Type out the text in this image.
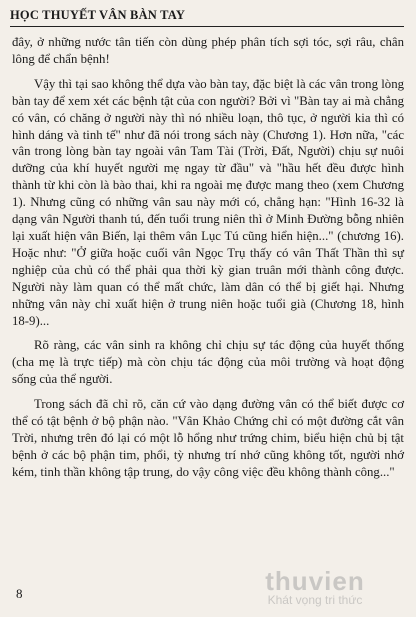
HỌC THUYẾT VÂN BÀN TAY

đây, ở những nước tân tiến còn dùng phép phân tích sợi tóc, sợi râu, chân lông để chẩn bệnh!

Vậy thì tại sao không thể dựa vào bàn tay, đặc biệt là các vân trong lòng bàn tay để xem xét các bệnh tật của con người? Bởi vì "Bàn tay ai mà chẳng có vân, có chăng ở người này thì nó nhiều loạn, thô tục, ở người kia thì có hình dáng và tinh tế" như đã nói trong sách này (Chương 1). Hơn nữa, "các vân trong lòng bàn tay ngoài vân Tam Tài (Trời, Đất, Người) chịu sự nuôi dưỡng của khí huyết người mẹ ngay từ đầu" và "hầu hết đều được hình thành từ khi còn là bào thai, khi ra ngoài mẹ được mang theo (xem Chương 1). Nhưng cũng có những vân sau này mới có, chẳng hạn: "Hình 16-32 là dạng vân Người thanh tú, đến tuổi trung niên thì ở Minh Đường bỗng nhiên lại xuất hiện vân Biến, lại thêm vân Lục Tú cũng hiển hiện..." (chương 16). Hoặc như: "Ở giữa hoặc cuối vân Ngọc Trụ thấy có vân Thất Thần thì sự nghiệp của chủ có thể phải qua thời kỳ gian truân mới thành công được. Người này làm quan có thể mất chức, làm dân có thể bị giết hại. Nhưng những vân này chỉ xuất hiện ở trung niên hoặc tuổi già (Chương 18, hình 18-9)...

Rõ ràng, các vân sinh ra không chỉ chịu sự tác động của huyết thống (cha mẹ là trực tiếp) mà còn chịu tác động của môi trường và hoạt động sống của thể người.

Trong sách đã chỉ rõ, căn cứ vào dạng đường vân có thể biết được cơ thể có tật bệnh ở bộ phận nào. "Vân Khảo Chứng chỉ có một đường cắt vân Trời, nhưng trên đó lại có một lỗ hổng như trứng chim, biểu hiện chủ bị tật bệnh ở các bộ phận tim, phổi, tỳ nhưng trí nhớ cũng không tốt, người nhớ kém, tinh thần không tập trung, do vậy công việc đều không thành công..."

8	thuvien
Khát vọng tri thức
